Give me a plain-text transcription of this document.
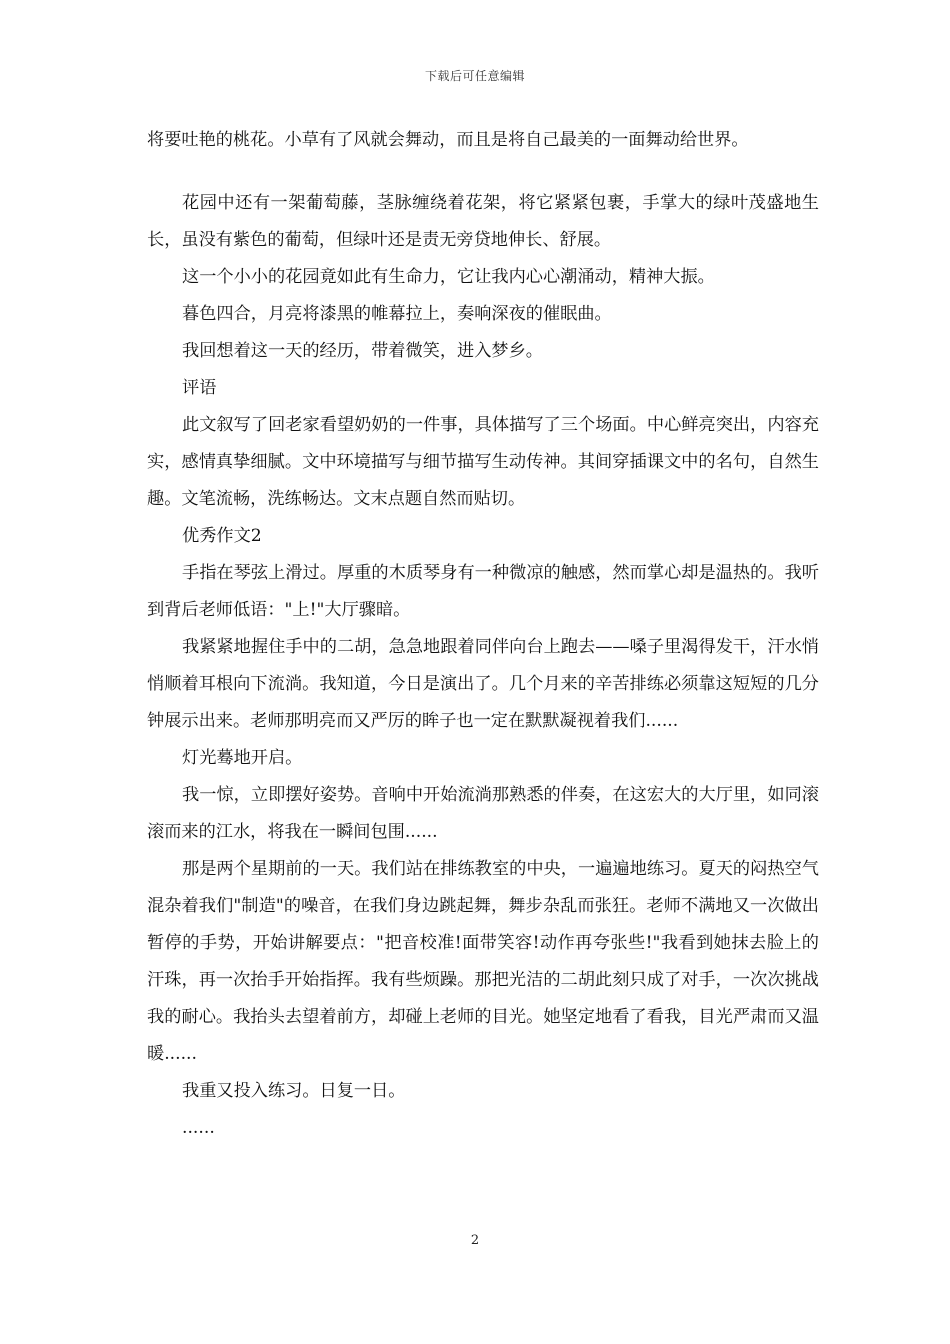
下载后可任意编辑

将要吐艳的桃花。小草有了风就会舞动，而且是将自己最美的一面舞动给世界。

花园中还有一架葡萄藤，茎脉缠绕着花架，将它紧紧包裹，手掌大的绿叶茂盛地生长，虽没有紫色的葡萄，但绿叶还是责无旁贷地伸长、舒展。

这一个小小的花园竟如此有生命力，它让我内心心潮涌动，精神大振。

暮色四合，月亮将漆黑的帷幕拉上，奏响深夜的催眠曲。

我回想着这一天的经历，带着微笑，进入梦乡。

评语

此文叙写了回老家看望奶奶的一件事，具体描写了三个场面。中心鲜亮突出，内容充实，感情真挚细腻。文中环境描写与细节描写生动传神。其间穿插课文中的名句，自然生趣。文笔流畅，洗练畅达。文末点题自然而贴切。

优秀作文2

手指在琴弦上滑过。厚重的木质琴身有一种微凉的触感，然而掌心却是温热的。我听到背后老师低语："上!"大厅骤暗。

我紧紧地握住手中的二胡，急急地跟着同伴向台上跑去——嗓子里渴得发干，汗水悄悄顺着耳根向下流淌。我知道，今日是演出了。几个月来的辛苦排练必须靠这短短的几分钟展示出来。老师那明亮而又严厉的眸子也一定在默默凝视着我们......

灯光蓦地开启。

我一惊，立即摆好姿势。音响中开始流淌那熟悉的伴奏，在这宏大的大厅里，如同滚滚而来的江水，将我在一瞬间包围......

那是两个星期前的一天。我们站在排练教室的中央，一遍遍地练习。夏天的闷热空气混杂着我们"制造"的噪音，在我们身边跳起舞，舞步杂乱而张狂。老师不满地又一次做出暂停的手势，开始讲解要点："把音校准!面带笑容!动作再夸张些!"我看到她抹去脸上的汗珠，再一次抬手开始指挥。我有些烦躁。那把光洁的二胡此刻只成了对手，一次次挑战我的耐心。我抬头去望着前方，却碰上老师的目光。她坚定地看了看我，目光严肃而又温暖......

我重又投入练习。日复一日。

......

2
